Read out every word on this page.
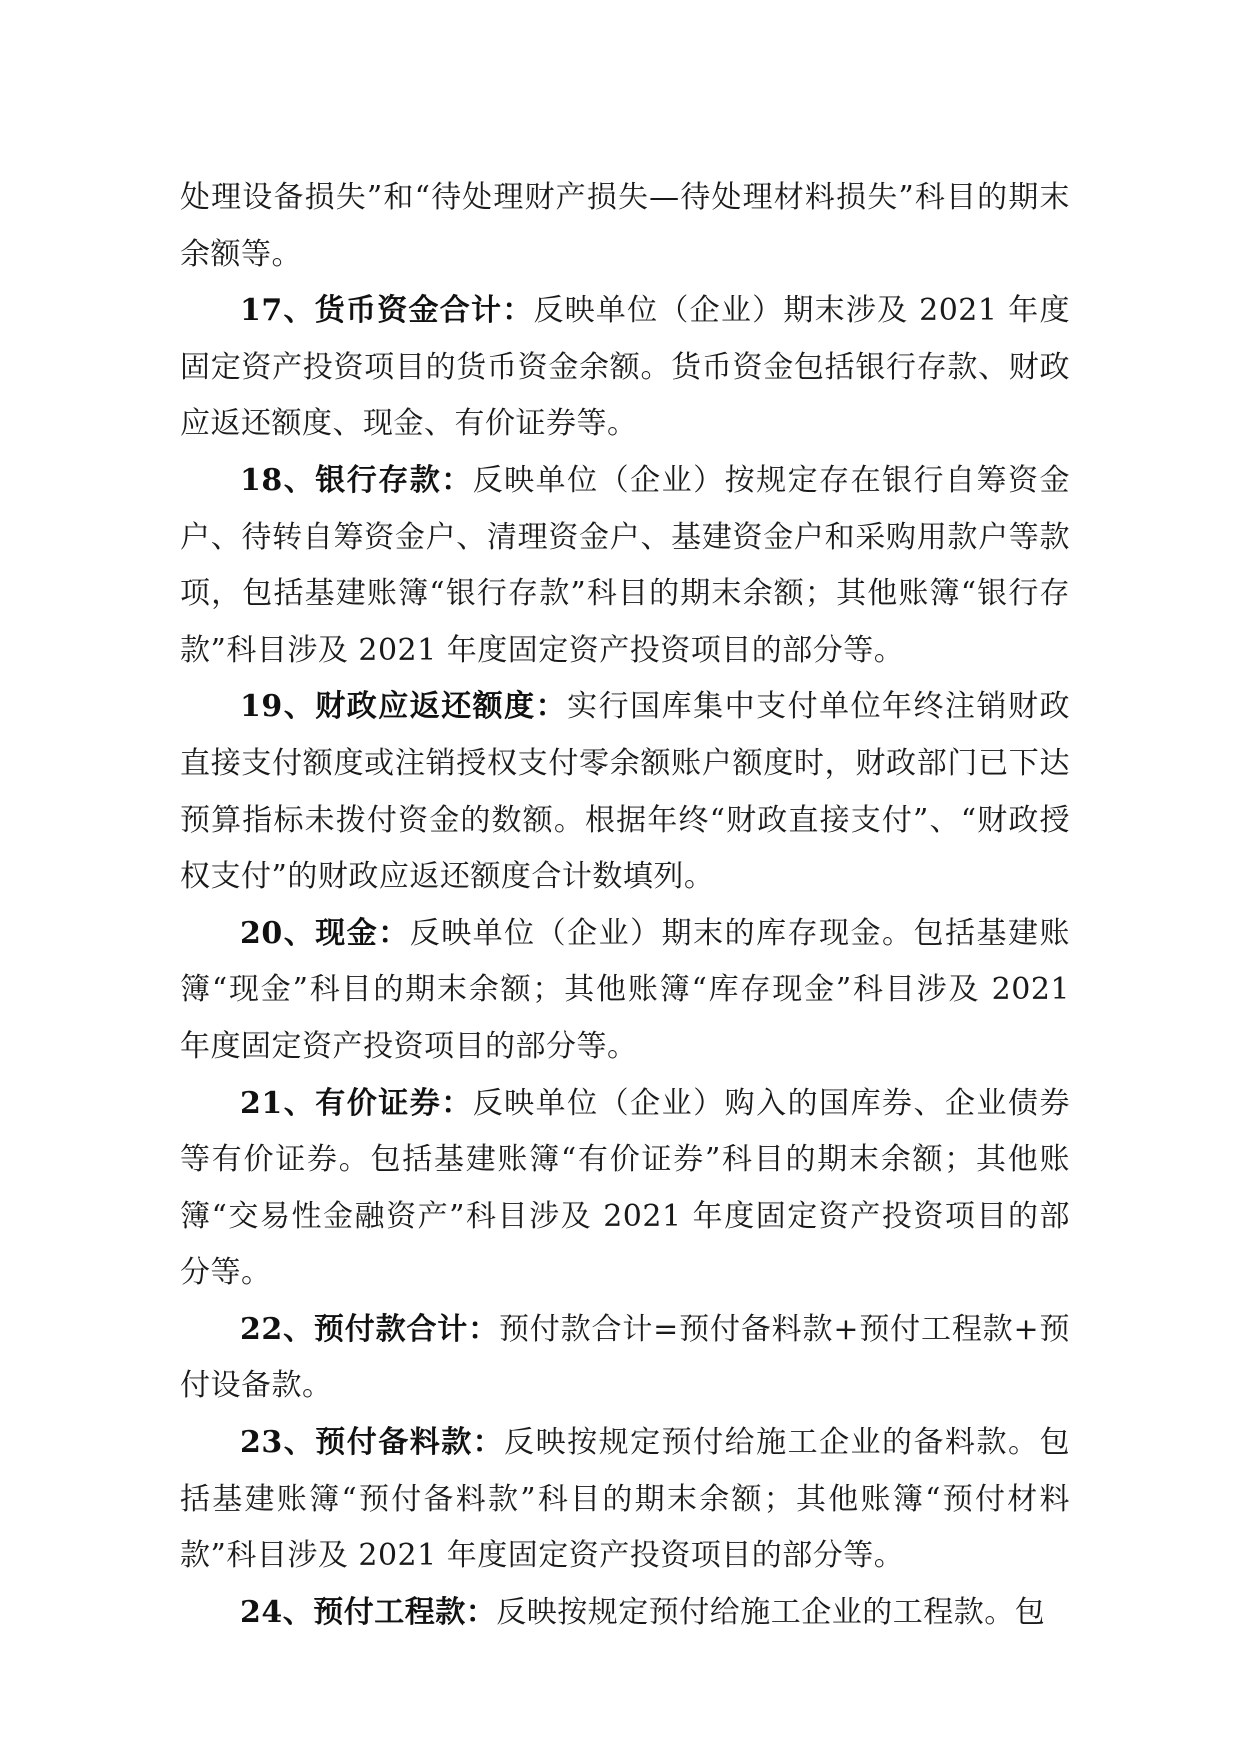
处理设备损失”和“待处理财产损失—待处理材料损失”科目的期末余额等。

17、货币资金合计：反映单位（企业）期末涉及 2021 年度固定资产投资项目的货币资金余额。货币资金包括银行存款、财政应返还额度、现金、有价证券等。

18、银行存款：反映单位（企业）按规定存在银行自筹资金户、待转自筹资金户、清理资金户、基建资金户和采购用款户等款项，包括基建账簿“银行存款”科目的期末余额；其他账簿“银行存款”科目涉及 2021 年度固定资产投资项目的部分等。

19、财政应返还额度：实行国库集中支付单位年终注销财政直接支付额度或注销授权支付零余额账户额度时，财政部门已下达预算指标未拨付资金的数额。根据年终“财政直接支付”、“财政授权支付”的财政应返还额度合计数填列。

20、现金：反映单位（企业）期末的库存现金。包括基建账簿“现金”科目的期末余额；其他账簿“库存现金”科目涉及 2021 年度固定资产投资项目的部分等。

21、有价证券：反映单位（企业）购入的国库券、企业债券等有价证券。包括基建账簿“有价证券”科目的期末余额；其他账簿“交易性金融资产”科目涉及 2021 年度固定资产投资项目的部分等。

22、预付款合计：预付款合计=预付备料款+预付工程款+预付设备款。

23、预付备料款：反映按规定预付给施工企业的备料款。包括基建账簿“预付备料款”科目的期末余额；其他账簿“预付材料款”科目涉及 2021 年度固定资产投资项目的部分等。

24、预付工程款：反映按规定预付给施工企业的工程款。包
